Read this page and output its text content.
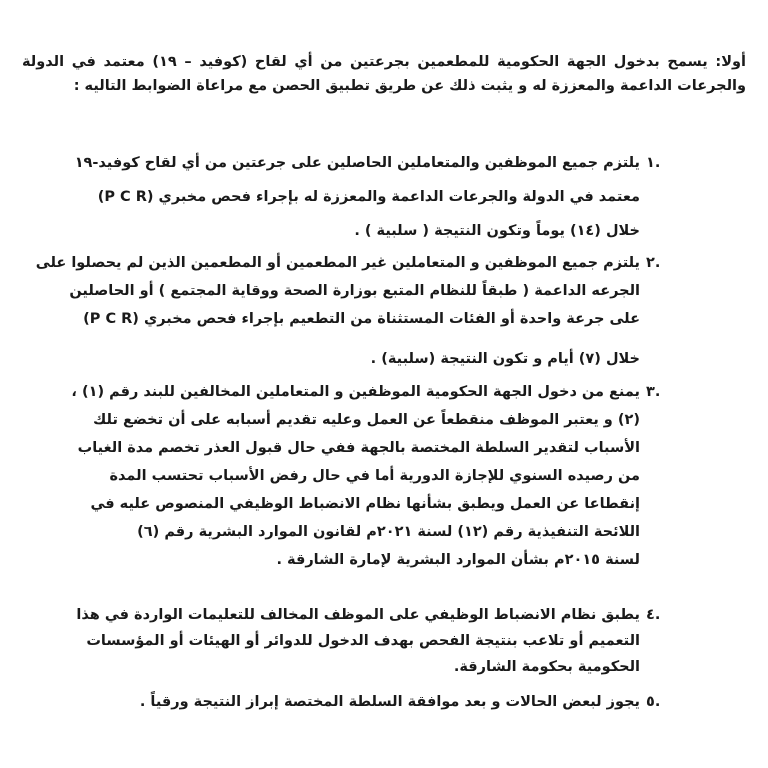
أولا: يسمح بدخول الجهة الحكومية للمطعمين بجرعتين من أي لقاح (كوفيد – ١٩) معتمد في الدولة والجرعات الداعمة والمعززة له و يثبت ذلك عن طريق تطبيق الحصن مع مراعاة الضوابط التاليه :
١.

يلتزم جميع الموظفين والمتعاملين الحاصلين على جرعتين من أي لقاح كوفيد-١٩

معتمد في الدولة والجرعات الداعمة والمعززة له بإجراء فحص مخبري (P C R)

خلال (١٤) يوماً وتكون النتيجة ( سلبية ) .

٢.

يلتزم جميع الموظفين و المتعاملين غير المطعمين أو المطعمين الذين لم يحصلوا على

الجرعه الداعمة ( طبقاً للنظام المتبع بوزارة الصحة ووقاية المجتمع ) أو الحاصلين

على جرعة واحدة أو الفئات المستثناة من التطعيم بإجراء فحص مخبري (P C R)

خلال (٧) أيام و تكون النتيجة (سلبية) .

٣.

يمنع من دخول الجهة الحكومية الموظفين و المتعاملين المخالفين للبند رقم (١) ،

(٢) و يعتبر الموظف منقطعاً عن العمل وعليه تقديم أسبابه على أن تخضع تلك

الأسباب لتقدير السلطة المختصة بالجهة ففي حال قبول العذر تخصم مدة الغياب

من رصيده السنوي للإجازة الدورية أما في حال رفض الأسباب تحتسب المدة

إنقطاعا عن العمل ويطبق بشأنها نظام الانضباط الوظيفي المنصوص عليه في

اللائحة التنفيذية رقم (١٢) لسنة ٢٠٢١م لقانون الموارد البشرية رقم (٦)

لسنة ٢٠١٥م بشأن الموارد البشرية لإمارة الشارقة .

٤.

يطبق نظام الانضباط الوظيفي على الموظف المخالف للتعليمات الواردة في هذا

التعميم أو تلاعب بنتيجة الفحص بهدف الدخول للدوائر أو الهيئات أو المؤسسات

الحكومية بحكومة الشارقة.

٥.

يجوز لبعض الحالات و بعد موافقة السلطة المختصة إبراز النتيجة ورقياً .
